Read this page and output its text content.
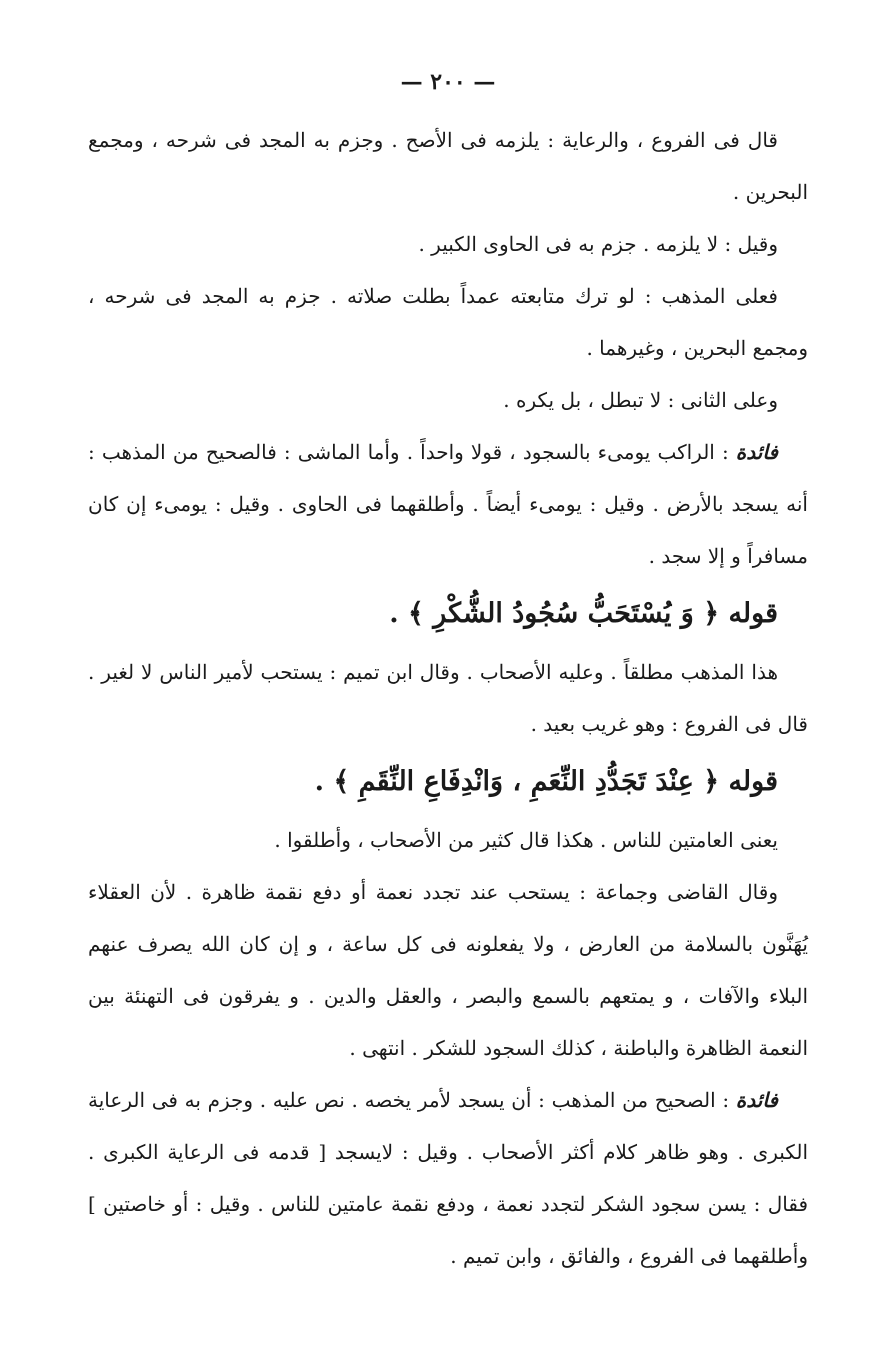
— ٢٠٠ —

قال فى الفروع ، والرعاية : يلزمه فى الأصح . وجزم به المجد فى شرحه ، ومجمع البحرين .

وقيل : لا يلزمه . جزم به فى الحاوى الكبير .

فعلى المذهب : لو ترك متابعته عمداً بطلت صلاته . جزم به المجد فى شرحه ، ومجمع البحرين ، وغيرهما .

وعلى الثانى : لا تبطل ، بل يكره .

فائدة : الراكب يومىء بالسجود ، قولا واحداً . وأما الماشى : فالصحيح من المذهب : أنه يسجد بالأرض . وقيل : يومىء أيضاً . وأطلقهما فى الحاوى . وقيل : يومىء إن كان مسافراً و إلا سجد .

قوله ﴿ وَ يُسْتَحَبُّ سُجُودُ الشُّكْرِ ﴾ .

هذا المذهب مطلقاً . وعليه الأصحاب . وقال ابن تميم : يستحب لأمير الناس لا لغير . قال فى الفروع : وهو غريب بعيد .

قوله ﴿ عِنْدَ تَجَدُّدِ النِّعَمِ ، وَانْدِفَاعِ النِّقَمِ ﴾ .

يعنى العامتين للناس . هكذا قال كثير من الأصحاب ، وأطلقوا .

وقال القاضى وجماعة : يستحب عند تجدد نعمة أو دفع نقمة ظاهرة . لأن العقلاء يُهَنَّون بالسلامة من العارض ، ولا يفعلونه فى كل ساعة ، و إن كان الله يصرف عنهم البلاء والآفات ، و يمتعهم بالسمع والبصر ، والعقل والدين . و يفرقون فى التهنئة بين النعمة الظاهرة والباطنة ، كذلك السجود للشكر . انتهى .

فائدة : الصحيح من المذهب : أن يسجد لأمر يخصه . نص عليه . وجزم به فى الرعاية الكبرى . وهو ظاهر كلام أكثر الأصحاب . وقيل : لايسجد [ قدمه فى الرعاية الكبرى . فقال : يسن سجود الشكر لتجدد نعمة ، ودفع نقمة عامتين للناس . وقيل : أو خاصتين ] وأطلقهما فى الفروع ، والفائق ، وابن تميم .
